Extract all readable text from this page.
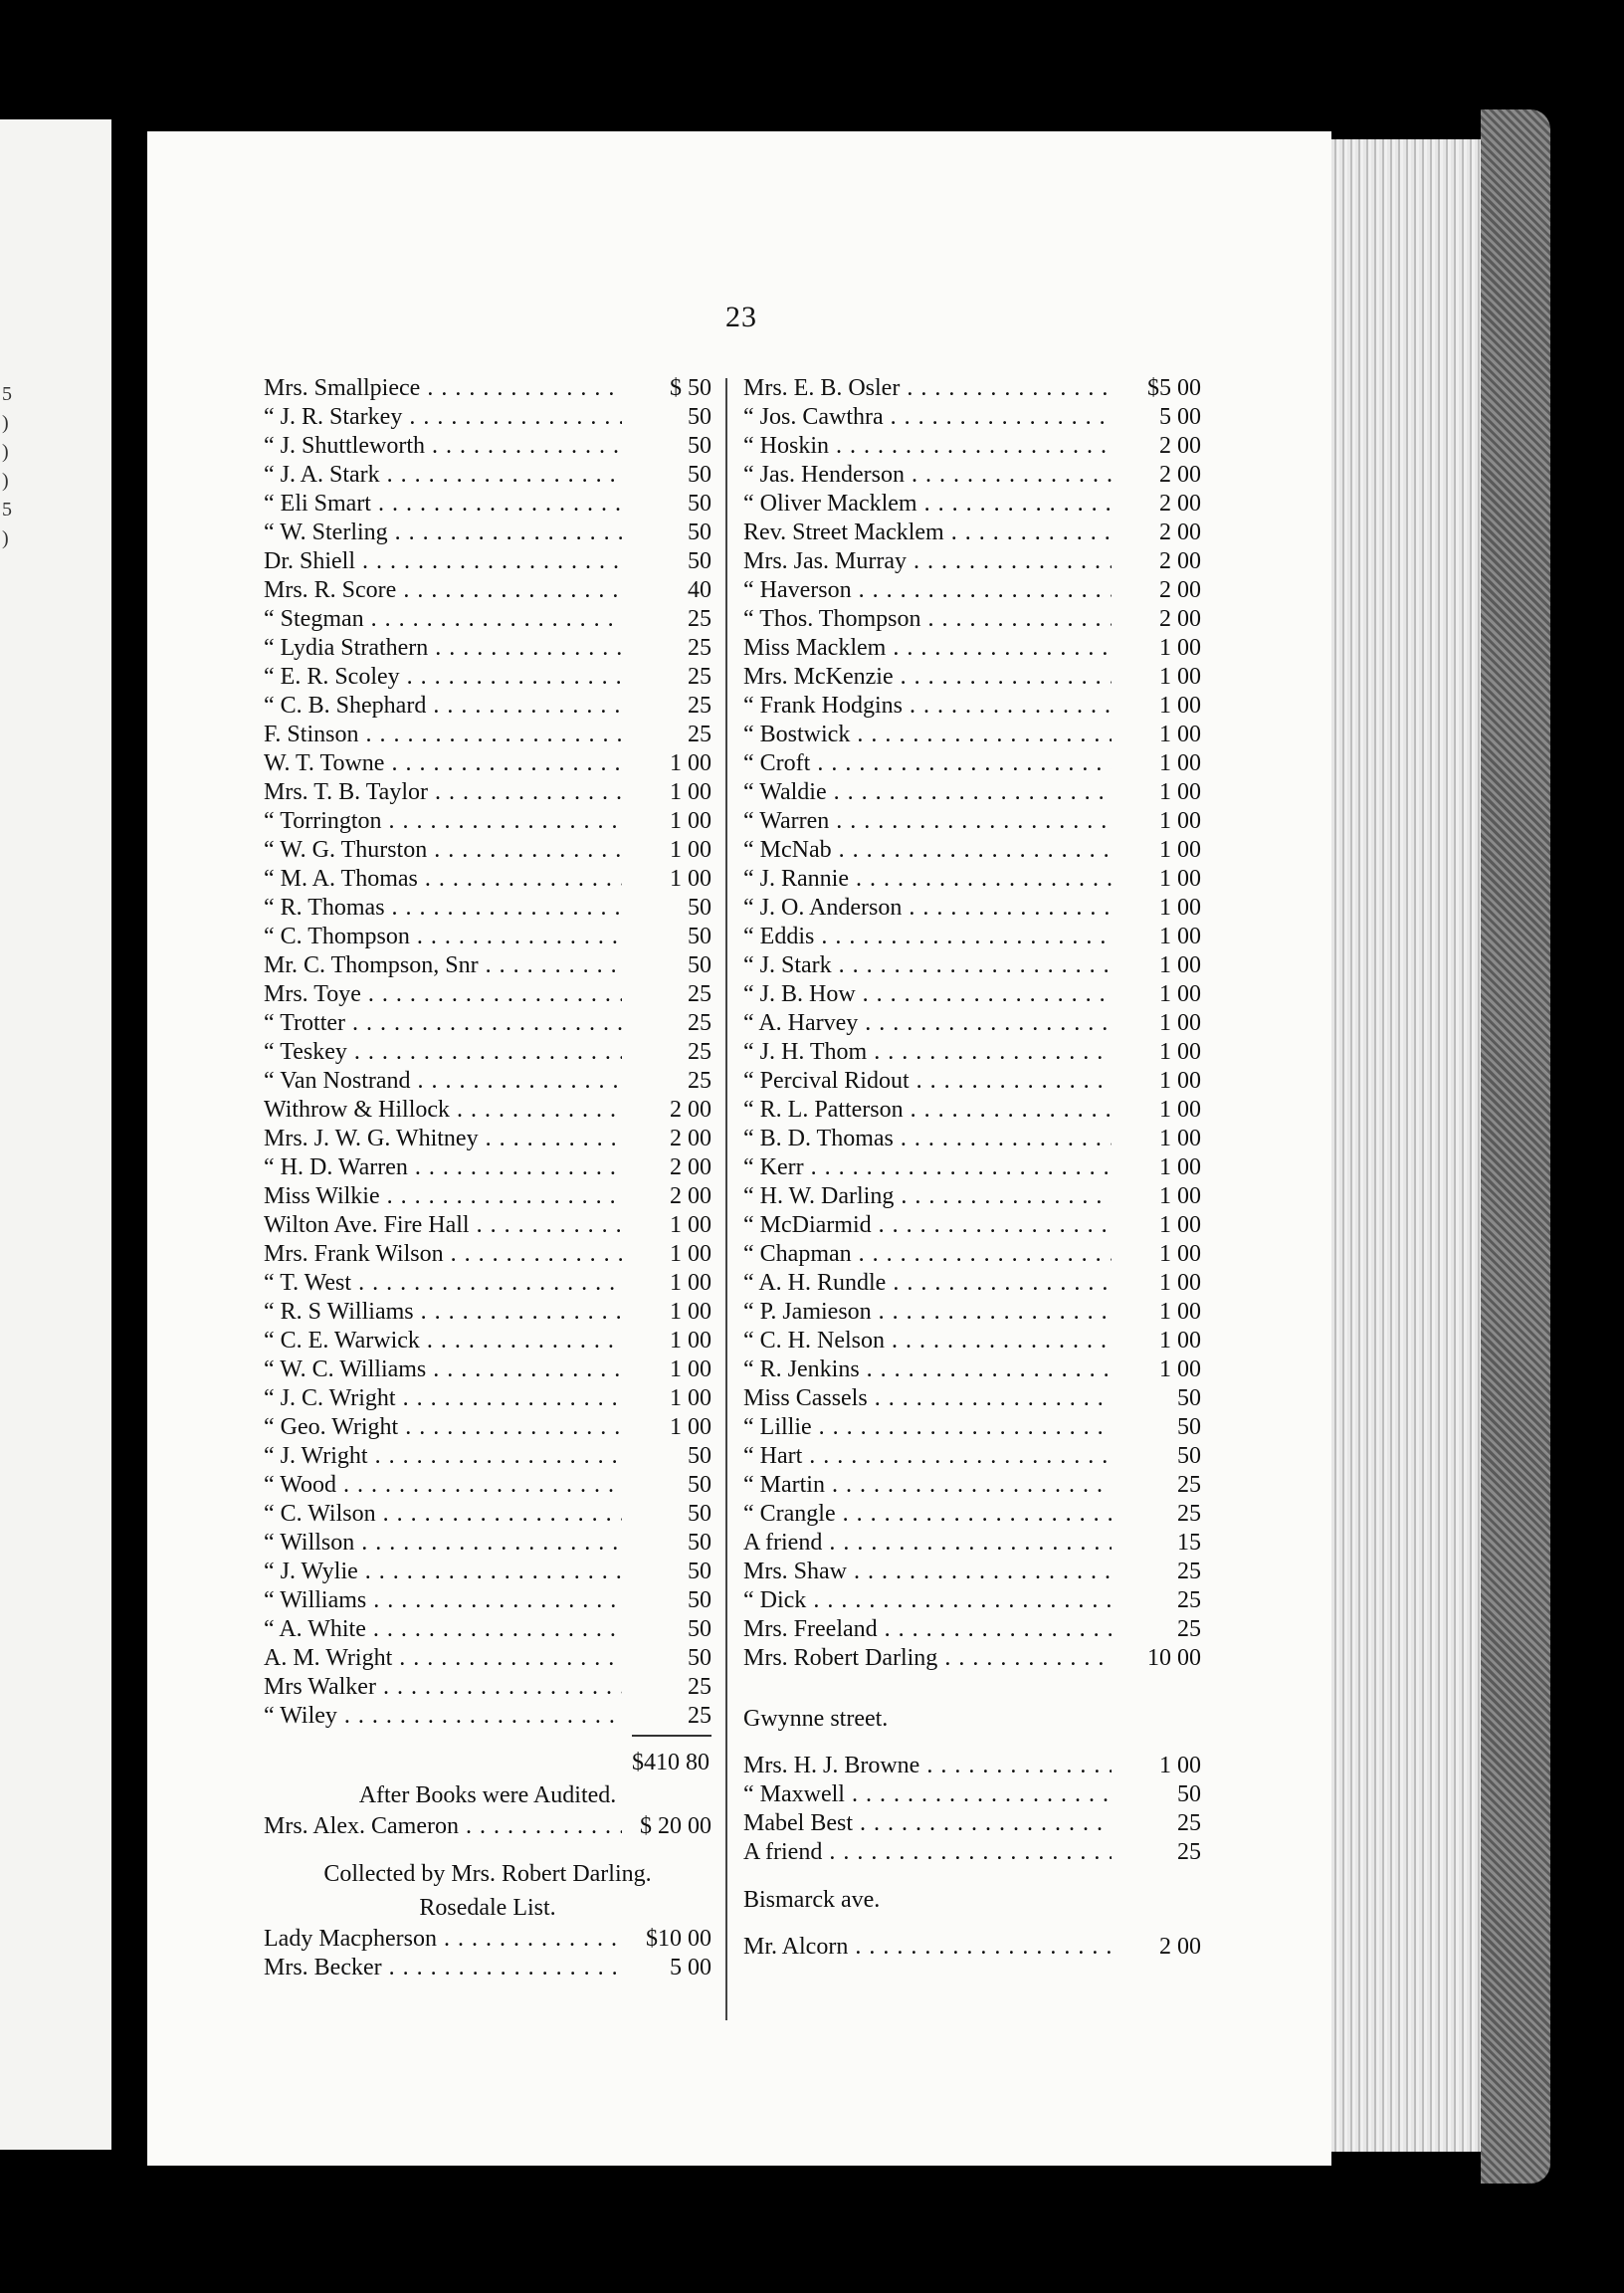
5
)
)
)
5
)
23
Mrs. Smallpiece . . .	$ 50
“ J. R. Starkey . . .	50
“ J. Shuttleworth . . .	50
“ J. A. Stark . . .	50
“ Eli Smart . . .	50
“ W. Sterling . . .	50
Dr. Shiell . . .	50
Mrs. R. Score . . .	40
“ Stegman . . .	25
“ Lydia Strathern . . .	25
“ E. R. Scoley . . .	25
“ C. B. Shephard . . .	25
F. Stinson . . .	25
W. T. Towne . . .	1 00
Mrs. T. B. Taylor . . .	1 00
“ Torrington . . .	1 00
“ W. G. Thurston . . .	1 00
“ M. A. Thomas . . .	1 00
“ R. Thomas . . .	50
“ C. Thompson . . .	50
Mr. C. Thompson, Snr . . .	50
Mrs. Toye . . .	25
“ Trotter . . .	25
“ Teskey . . .	25
“ Van Nostrand . . .	25
Withrow & Hillock . . .	2 00
Mrs. J. W. G. Whitney . . .	2 00
“ H. D. Warren . . .	2 00
Miss Wilkie . . .	2 00
Wilton Ave. Fire Hall . . .	1 00
Mrs. Frank Wilson . . .	1 00
“ T. West . . .	1 00
“ R. S Williams . . .	1 00
“ C. E. Warwick . . .	1 00
“ W. C. Williams . . .	1 00
“ J. C. Wright . . .	1 00
“ Geo. Wright . . .	1 00
“ J. Wright . . .	50
“ Wood . . .	50
“ C. Wilson . . .	50
“ Willson . . .	50
“ J. Wylie . . .	50
“ Williams . . .	50
“ A. White . . .	50
A. M. Wright . . .	50
Mrs Walker . . .	25
“ Wiley . . .	25
$410 80
After Books were Audited.
Mrs. Alex. Cameron . . .	$ 20 00
Collected by Mrs. Robert Darling.
Rosedale List.
Lady Macpherson . . .	$10 00
Mrs. Becker . . .	5 00
Mrs. E. B. Osler . . .	$5 00
“ Jos. Cawthra . . .	5 00
“ Hoskin . . .	2 00
“ Jas. Henderson . . .	2 00
“ Oliver Macklem . . .	2 00
Rev. Street Macklem . . .	2 00
Mrs. Jas. Murray . . .	2 00
“ Haverson . . .	2 00
“ Thos. Thompson . . .	2 00
Miss Macklem . . .	1 00
Mrs. McKenzie . . .	1 00
“ Frank Hodgins . . .	1 00
“ Bostwick . . .	1 00
“ Croft . . .	1 00
“ Waldie . . .	1 00
“ Warren . . .	1 00
“ McNab . . .	1 00
“ J. Rannie . . .	1 00
“ J. O. Anderson . . .	1 00
“ Eddis . . .	1 00
“ J. Stark . . .	1 00
“ J. B. How . . .	1 00
“ A. Harvey . . .	1 00
“ J. H. Thom . . .	1 00
“ Percival Ridout . . .	1 00
“ R. L. Patterson . . .	1 00
“ B. D. Thomas . . .	1 00
“ Kerr . . .	1 00
“ H. W. Darling . . .	1 00
“ McDiarmid . . .	1 00
“ Chapman . . .	1 00
“ A. H. Rundle . . .	1 00
“ P. Jamieson . . .	1 00
“ C. H. Nelson . . .	1 00
“ R. Jenkins . . .	1 00
Miss Cassels . . .	50
“ Lillie . . .	50
“ Hart . . .	50
“ Martin . . .	25
“ Crangle . . .	25
A friend . . .	15
Mrs. Shaw . . .	25
“ Dick . . .	25
Mrs. Freeland . . .	25
Mrs. Robert Darling . . .	10 00
Gwynne street.
Mrs. H. J. Browne . . .	1 00
“ Maxwell . . .	50
Mabel Best . . .	25
A friend . . .	25
Bismarck ave.
Mr. Alcorn . . .	2 00
